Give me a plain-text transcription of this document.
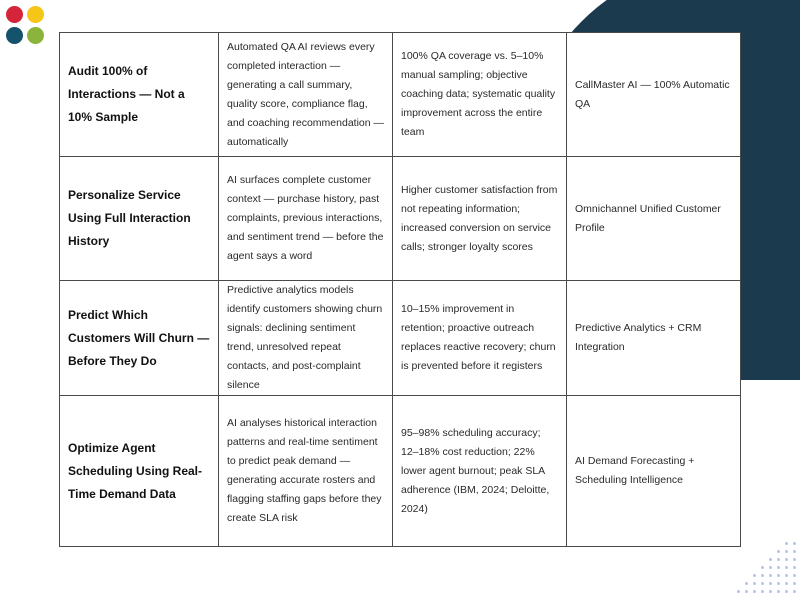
Audit 100% of Interactions — Not a 10% Sample	Automated QA AI reviews every completed interaction — generating a call summary, quality score, compliance flag, and coaching recommendation — automatically	100% QA coverage vs. 5–10% manual sampling; objective coaching data; systematic quality improvement across the entire team	CallMaster AI — 100% Automatic QA
Personalize Service Using Full Interaction History	AI surfaces complete customer context — purchase history, past complaints, previous interactions, and sentiment trend — before the agent says a word	Higher customer satisfaction from not repeating information; increased conversion on service calls; stronger loyalty scores	Omnichannel Unified Customer Profile
Predict Which Customers Will Churn — Before They Do	Predictive analytics models identify customers showing churn signals: declining sentiment trend, unresolved repeat contacts, and post-complaint silence	10–15% improvement in retention; proactive outreach replaces reactive recovery; churn is prevented before it registers	Predictive Analytics + CRM Integration
Optimize Agent Scheduling Using Real-Time Demand Data	AI analyses historical interaction patterns and real-time sentiment to predict peak demand — generating accurate rosters and flagging staffing gaps before they create SLA risk	95–98% scheduling accuracy; 12–18% cost reduction; 22% lower agent burnout; peak SLA adherence (IBM, 2024; Deloitte, 2024)	AI Demand Forecasting + Scheduling Intelligence
